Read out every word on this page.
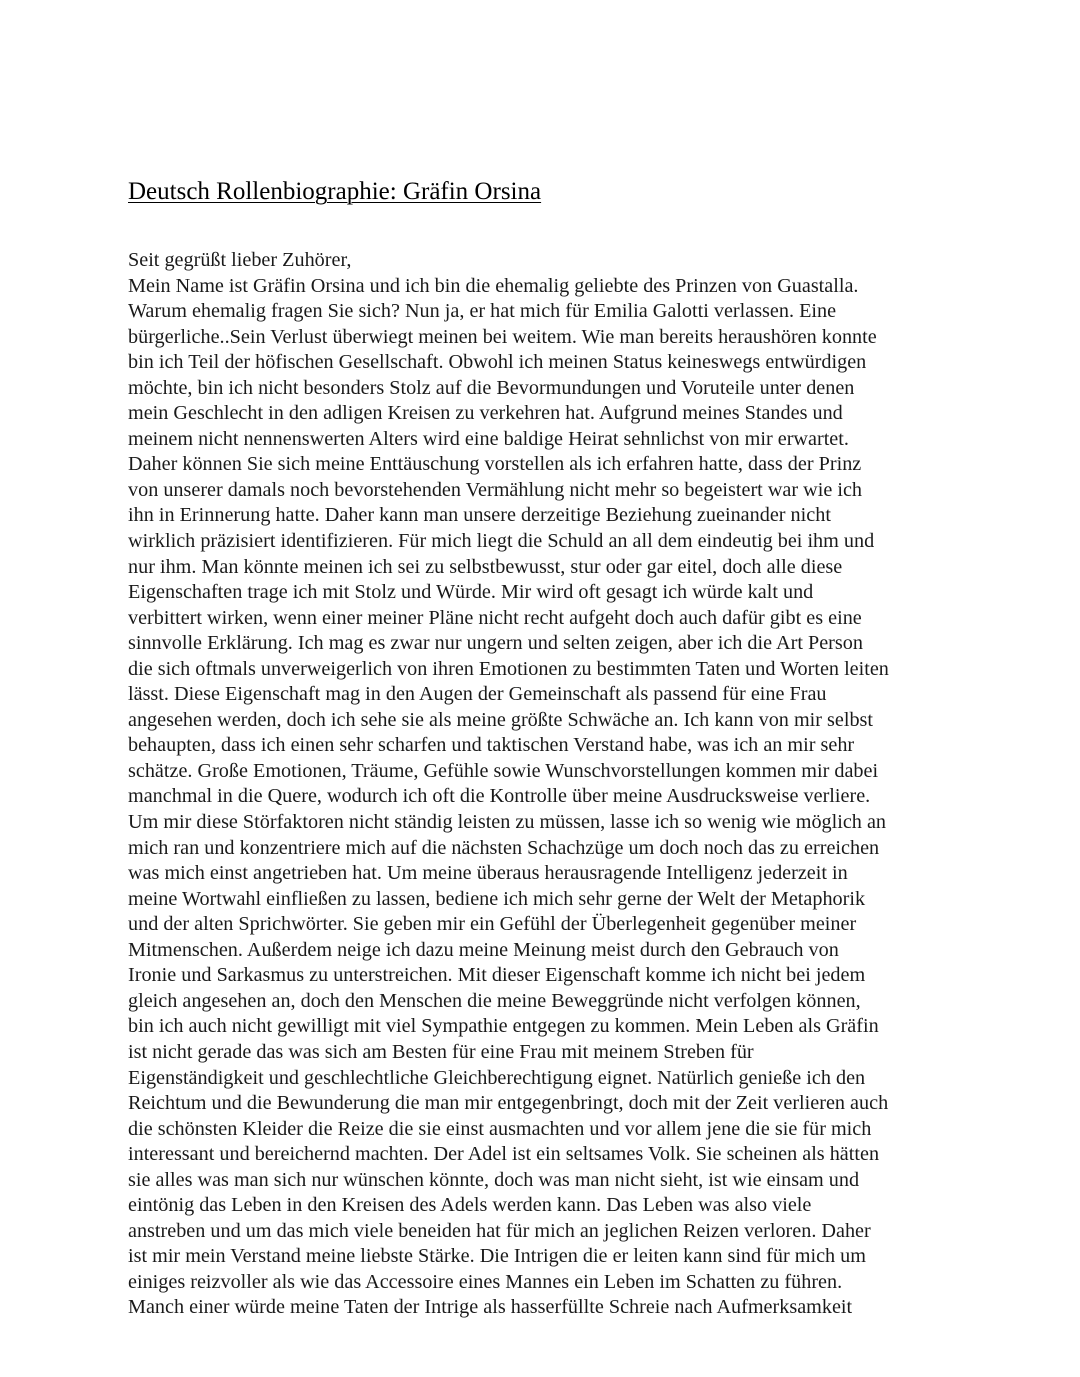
Deutsch Rollenbiographie: Gräfin Orsina
Seit gegrüßt lieber Zuhörer,
Mein Name ist Gräfin Orsina und ich bin die ehemalig geliebte des Prinzen von Guastalla.
Warum ehemalig fragen Sie sich? Nun ja, er hat mich für Emilia Galotti verlassen. Eine
bürgerliche..Sein Verlust überwiegt meinen bei weitem. Wie man bereits heraushören konnte
bin ich Teil der höfischen Gesellschaft. Obwohl ich meinen Status keineswegs entwürdigen
möchte, bin ich nicht besonders Stolz auf die Bevormundungen und Voruteile unter denen
mein Geschlecht in den adligen Kreisen zu verkehren hat. Aufgrund meines Standes und
meinem nicht nennenswerten Alters wird eine baldige Heirat sehnlichst von mir erwartet.
Daher können Sie sich meine Enttäuschung vorstellen als ich erfahren hatte, dass der Prinz
von unserer damals noch bevorstehenden Vermählung nicht mehr so begeistert war wie ich
ihn in Erinnerung hatte. Daher kann man unsere derzeitige Beziehung zueinander nicht
wirklich präzisiert identifizieren. Für mich liegt die Schuld an all dem eindeutig bei ihm und
nur ihm. Man könnte meinen ich sei zu selbstbewusst, stur oder gar eitel, doch alle diese
Eigenschaften trage ich mit Stolz und Würde. Mir wird oft gesagt ich würde kalt und
verbittert wirken, wenn einer meiner Pläne nicht recht aufgeht doch auch dafür gibt es eine
sinnvolle Erklärung. Ich mag es zwar nur ungern und selten zeigen, aber ich die Art Person
die sich oftmals unverweigerlich von ihren Emotionen zu bestimmten Taten und Worten leiten
lässt. Diese Eigenschaft mag in den Augen der Gemeinschaft als passend für eine Frau
angesehen werden, doch ich sehe sie als meine größte Schwäche an. Ich kann von mir selbst
behaupten, dass ich einen sehr scharfen und taktischen Verstand habe, was ich an mir sehr
schätze. Große Emotionen, Träume, Gefühle sowie Wunschvorstellungen kommen mir dabei
manchmal in die Quere, wodurch ich oft die Kontrolle über meine Ausdrucksweise verliere.
Um mir diese Störfaktoren nicht ständig leisten zu müssen, lasse ich so wenig wie möglich an
mich ran und konzentriere mich auf die nächsten Schachzüge um doch noch das zu erreichen
was mich einst angetrieben hat. Um meine überaus herausragende Intelligenz jederzeit in
meine Wortwahl einfließen zu lassen, bediene ich mich sehr gerne der Welt der Metaphorik
und der alten Sprichwörter. Sie geben mir ein Gefühl der Überlegenheit gegenüber meiner
Mitmenschen. Außerdem neige ich dazu meine Meinung meist durch den Gebrauch von
Ironie und Sarkasmus zu unterstreichen. Mit dieser Eigenschaft komme ich nicht bei jedem
gleich angesehen an, doch den Menschen die meine Beweggründe nicht verfolgen können,
bin ich auch nicht gewilligt mit viel Sympathie entgegen zu kommen. Mein Leben als Gräfin
ist nicht gerade das was sich am Besten für eine Frau mit meinem Streben für
Eigenständigkeit und geschlechtliche Gleichberechtigung eignet. Natürlich genieße ich den
Reichtum und die Bewunderung die man mir entgegenbringt, doch mit der Zeit verlieren auch
die schönsten Kleider die Reize die sie einst ausmachten und vor allem jene die sie für mich
interessant und bereichernd machten. Der Adel ist ein seltsames Volk. Sie scheinen als hätten
sie alles was man sich nur wünschen könnte, doch was man nicht sieht, ist wie einsam und
eintönig das Leben in den Kreisen des Adels werden kann. Das Leben was also viele
anstreben und um das mich viele beneiden hat für mich an jeglichen Reizen verloren. Daher
ist mir mein Verstand meine liebste Stärke. Die Intrigen die er leiten kann sind für mich um
einiges reizvoller als wie das Accessoire eines Mannes ein Leben im Schatten zu führen.
Manch einer würde meine Taten der Intrige als hasserfüllte Schreie nach Aufmerksamkeit
